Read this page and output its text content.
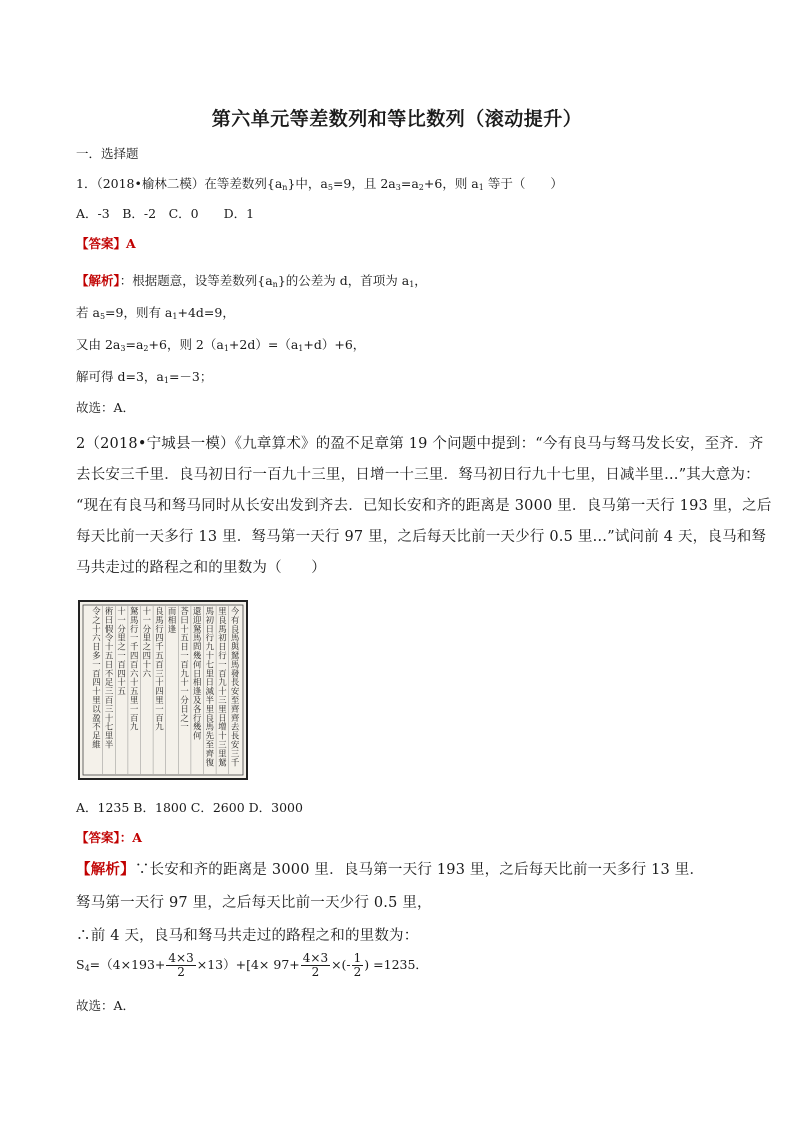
第六单元等差数列和等比数列（滚动提升）
一．选择题
1．（2018•榆林二模）在等差数列$\{a_n\}$中，$a_5=9$，且 $2a_3=a_2+6$，则 $a_1$ 等于（　　）
A．-3　B．-2　C．0　　D．1
【答案】A
【解析】：根据题意，设等差数列$\{a_n\}$的公差为 d，首项为 $a_1$，
若 $a_5=9$，则有 $a_1+4d=9$，
又由 $2a_3=a_2+6$，则 $2(a_1+2d)=(a_1+d)+6$，
解可得 d=3，$a_1=-3$；
故选：A．
2（2018•宁城县一模）《九章算术》的盈不足章第 19 个问题中提到：“今有良马与驽马发长安，至齐．齐
去长安三千里．良马初日行一百九十三里，日增一十三里．驽马初日行九十七里，日减半里…”其大意为：
“现在有良马和驽马同时从长安出发到齐去．已知长安和齐的距离是 3000 里．良马第一天行 193 里，之后
每天比前一天多行 13 里．驽马第一天行 97 里，之后每天比前一天少行 0.5 里…”试问前 4 天，良马和驽
马共走过的路程之和的里数为（　　）
今有良馬與駑馬發長安至齊齊去長安三千
里良馬初日行一百九十三里日增十三里駑
馬初日行九十七里日減半里良馬先至齊復
還迎駑馬問幾何日相逢及各行幾何
荅曰十五日一百九十一分日之一
而相逢
良馬行四千五百三十四里一百九
十一分里之四十六
駑馬行一千四百六十五里一百九
十一分里之一百四十五
術曰假令十五日不足三百三十七里半
令之十六日多一百四十里以盈不足維
A．1235 B．1800 C．2600 D．3000
【答案】：A
【解析】∵长安和齐的距离是 3000 里．良马第一天行 193 里，之后每天比前一天多行 13 里．
驽马第一天行 97 里，之后每天比前一天少行 0.5 里，
∴前 4 天，良马和驽马共走过的路程之和的里数为：
$S_4=(4\times 193+ \frac{4\times 3}{2} \times 13)+[4\times 97+ \frac{4\times 3}{2}$ ×(- $\frac{1}{2}$ ) =1235．
故选：A．
